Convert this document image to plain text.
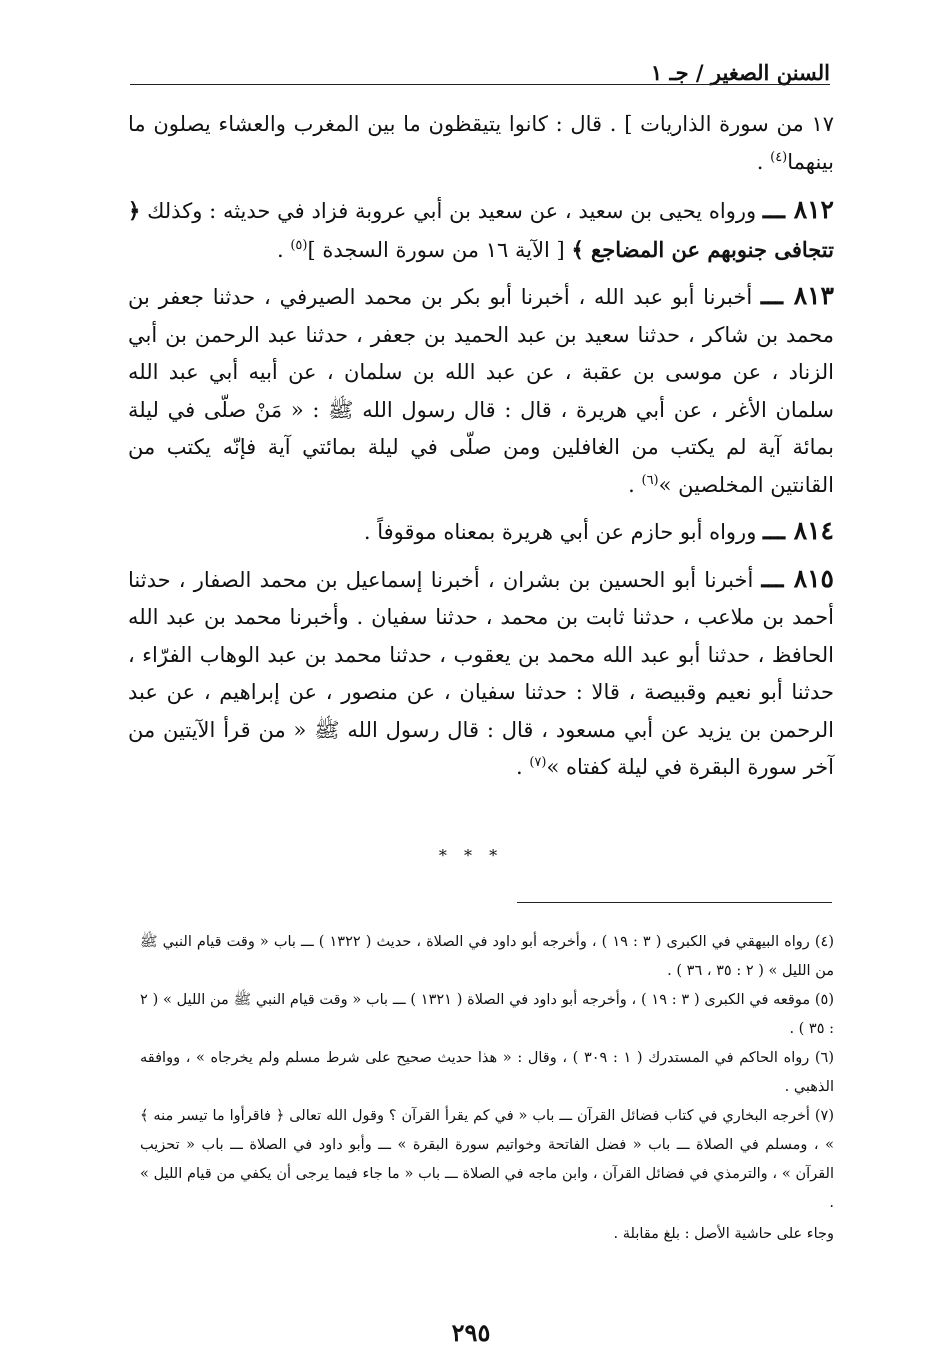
السنن الصغير / جـ ١

١٧ من سورة الذاريات ] . قال : كانوا يتيقظون ما بين المغرب والعشاء يصلون ما بينهما$^{(٤)}$ .

٨١٢ ـــ ورواه يحيى بن سعيد ، عن سعيد بن أبي عروبة فزاد في حديثه : وكذلك ﴿ تتجافى جنوبهم عن المضاجع ﴾ [ الآية ١٦ من سورة السجدة ]$^{(٥)}$ .

٨١٣ ـــ أخبرنا أبو عبد الله ، أخبرنا أبو بكر بن محمد الصيرفي ، حدثنا جعفر بن محمد بن شاكر ، حدثنا سعيد بن عبد الحميد بن جعفر ، حدثنا عبد الرحمن بن أبي الزناد ، عن موسى بن عقبة ، عن عبد الله بن سلمان ، عن أبيه أبي عبد الله سلمان الأغر ، عن أبي هريرة ، قال : قال رسول الله ﷺ : « مَنْ صلّى في ليلة بمائة آية لم يكتب من الغافلين ومن صلّى في ليلة بمائتي آية فإنّه يكتب من القانتين المخلصين »$^{(٦)}$ .

٨١٤ ـــ ورواه أبو حازم عن أبي هريرة بمعناه موقوفاً .

٨١٥ ـــ أخبرنا أبو الحسين بن بشران ، أخبرنا إسماعيل بن محمد الصفار ، حدثنا أحمد بن ملاعب ، حدثنا ثابت بن محمد ، حدثنا سفيان . وأخبرنا محمد بن عبد الله الحافظ ، حدثنا أبو عبد الله محمد بن يعقوب ، حدثنا محمد بن عبد الوهاب الفرّاء ، حدثنا أبو نعيم وقبيصة ، قالا : حدثنا سفيان ، عن منصور ، عن إبراهيم ، عن عبد الرحمن بن يزيد عن أبي مسعود ، قال : قال رسول الله ﷺ « من قرأ الآيتين من آخر سورة البقرة في ليلة كفتاه »$^{(٧)}$ .

* * *

(٤) رواه البيهقي في الكبرى ( ٣ : ١٩ ) ، وأخرجه أبو داود في الصلاة ، حديث ( ١٣٢٢ ) ـــ باب « وقت قيام النبي ﷺ من الليل » ( ٢ : ٣٥ ، ٣٦ ) .

(٥) موقعه في الكبرى ( ٣ : ١٩ ) ، وأخرجه أبو داود في الصلاة ( ١٣٢١ ) ـــ باب « وقت قيام النبي ﷺ من الليل » ( ٢ : ٣٥ ) .

(٦) رواه الحاكم في المستدرك ( ١ : ٣٠٩ ) ، وقال : « هذا حديث صحيح على شرط مسلم ولم يخرجاه » ، ووافقه الذهبي .

(٧) أخرجه البخاري في كتاب فضائل القرآن ـــ باب « في كم يقرأ القرآن ؟ وقول الله تعالى ﴿ فاقرأوا ما تيسر منه ﴾ » ، ومسلم في الصلاة ـــ باب « فضل الفاتحة وخواتيم سورة البقرة » ـــ وأبو داود في الصلاة ـــ باب « تحزيب القرآن » ، والترمذي في فضائل القرآن ، وابن ماجه في الصلاة ـــ باب « ما جاء فيما يرجى أن يكفي من قيام الليل » .

وجاء على حاشية الأصل : بلغ مقابلة .

٢٩٥
